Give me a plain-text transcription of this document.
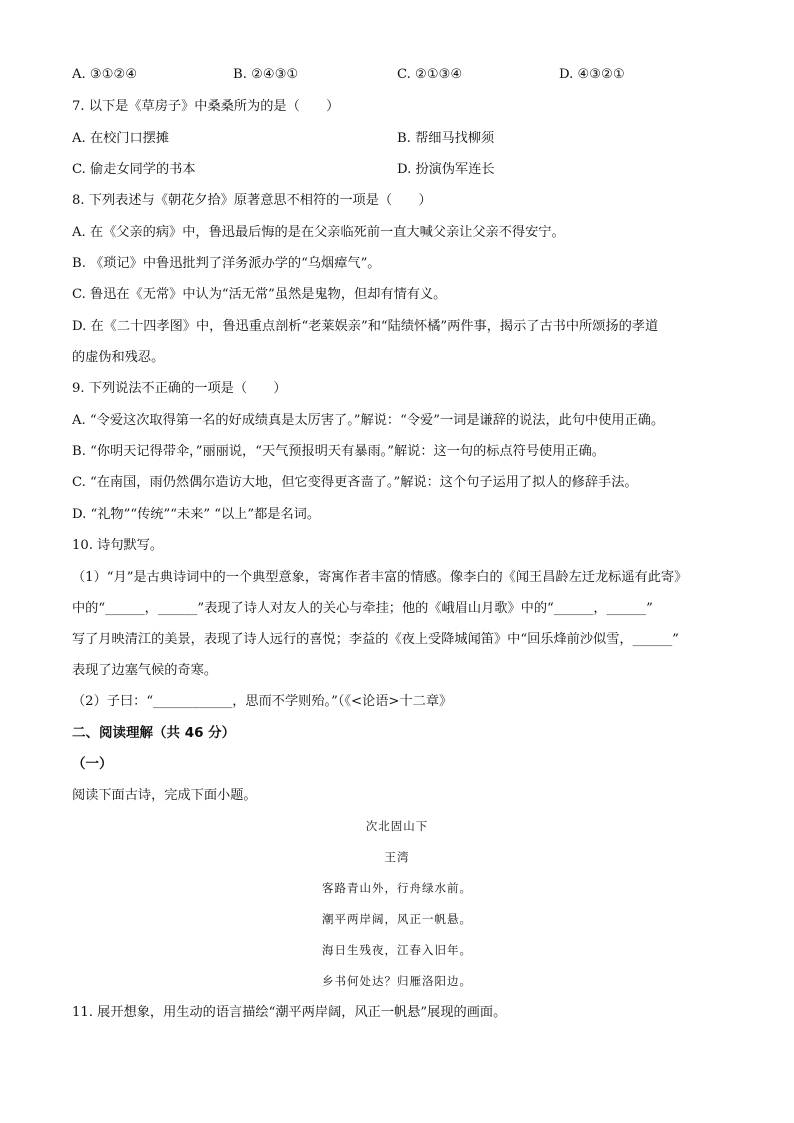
A. ③①②④	B. ②④③①	C. ②①③④	D. ④③②①
7. 以下是《草房子》中桑桑所为的是（　　）
A. 在校门口摆摊	B. 帮细马找柳须
C. 偷走女同学的书本	D. 扮演伪军连长
8. 下列表述与《朝花夕拾》原著意思不相符的一项是（　　）
A. 在《父亲的病》中，鲁迅最后悔的是在父亲临死前一直大喊父亲让父亲不得安宁。
B. 《琐记》中鲁迅批判了洋务派办学的“乌烟瘴气”。
C. 鲁迅在《无常》中认为“活无常”虽然是鬼物，但却有情有义。
D. 在《二十四孝图》中，鲁迅重点剖析“老莱娱亲”和“陆绩怀橘”两件事，揭示了古书中所颂扬的孝道
的虚伪和残忍。
9. 下列说法不正确的一项是（　　）
A. “令爱这次取得第一名的好成绩真是太厉害了。”解说：“令爱”一词是谦辞的说法，此句中使用正确。
B. “你明天记得带伞，”丽丽说，“天气预报明天有暴雨。”解说：这一句的标点符号使用正确。
C. “在南国，雨仍然偶尔造访大地，但它变得更吝啬了。”解说：这个句子运用了拟人的修辞手法。
D. “礼物”“传统”“未来” “以上”都是名词。
10. 诗句默写。
（1）“月”是古典诗词中的一个典型意象，寄寓作者丰富的情感。像李白的《闻王昌龄左迁龙标遥有此寄》
中的“______，______”表现了诗人对友人的关心与牵挂；他的《峨眉山月歌》中的“______，______”
写了月映清江的美景，表现了诗人远行的喜悦；李益的《夜上受降城闻笛》中“回乐烽前沙似雪，______”
表现了边塞气候的奇寒。
（2）子曰：“____________，思而不学则殆。”（《<论语>十二章》
二、阅读理解（共 46 分）
（一）
阅读下面古诗，完成下面小题。
次北固山下
王湾
客路青山外，行舟绿水前。
潮平两岸阔，风正一帆悬。
海日生残夜，江春入旧年。
乡书何处达？归雁洛阳边。
11. 展开想象，用生动的语言描绘“潮平两岸阔，风正一帆悬”展现的画面。
